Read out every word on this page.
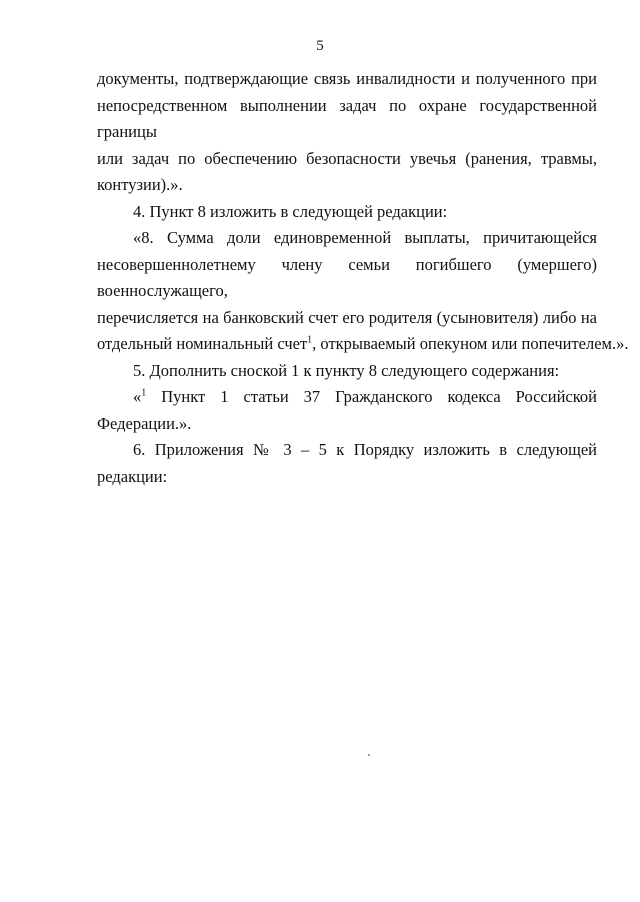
5

документы, подтверждающие связь инвалидности и полученного при
непосредственном выполнении задач по охране государственной границы
или задач по обеспечению безопасности увечья (ранения, травмы,
контузии).».

4. Пункт 8 изложить в следующей редакции:

«8. Сумма доли единовременной выплаты, причитающейся
несовершеннолетнему члену семьи погибшего (умершего) военнослужащего,
перечисляется на банковский счет его родителя (усыновителя) либо на
отдельный номинальный счет$^1$, открываемый опекуном или попечителем.».

5. Дополнить сноской 1 к пункту 8 следующего содержания:

«$^1$ Пункт 1 статьи 37 Гражданского кодекса Российской Федерации.».

6. Приложения № 3 – 5 к Порядку изложить в следующей редакции:
